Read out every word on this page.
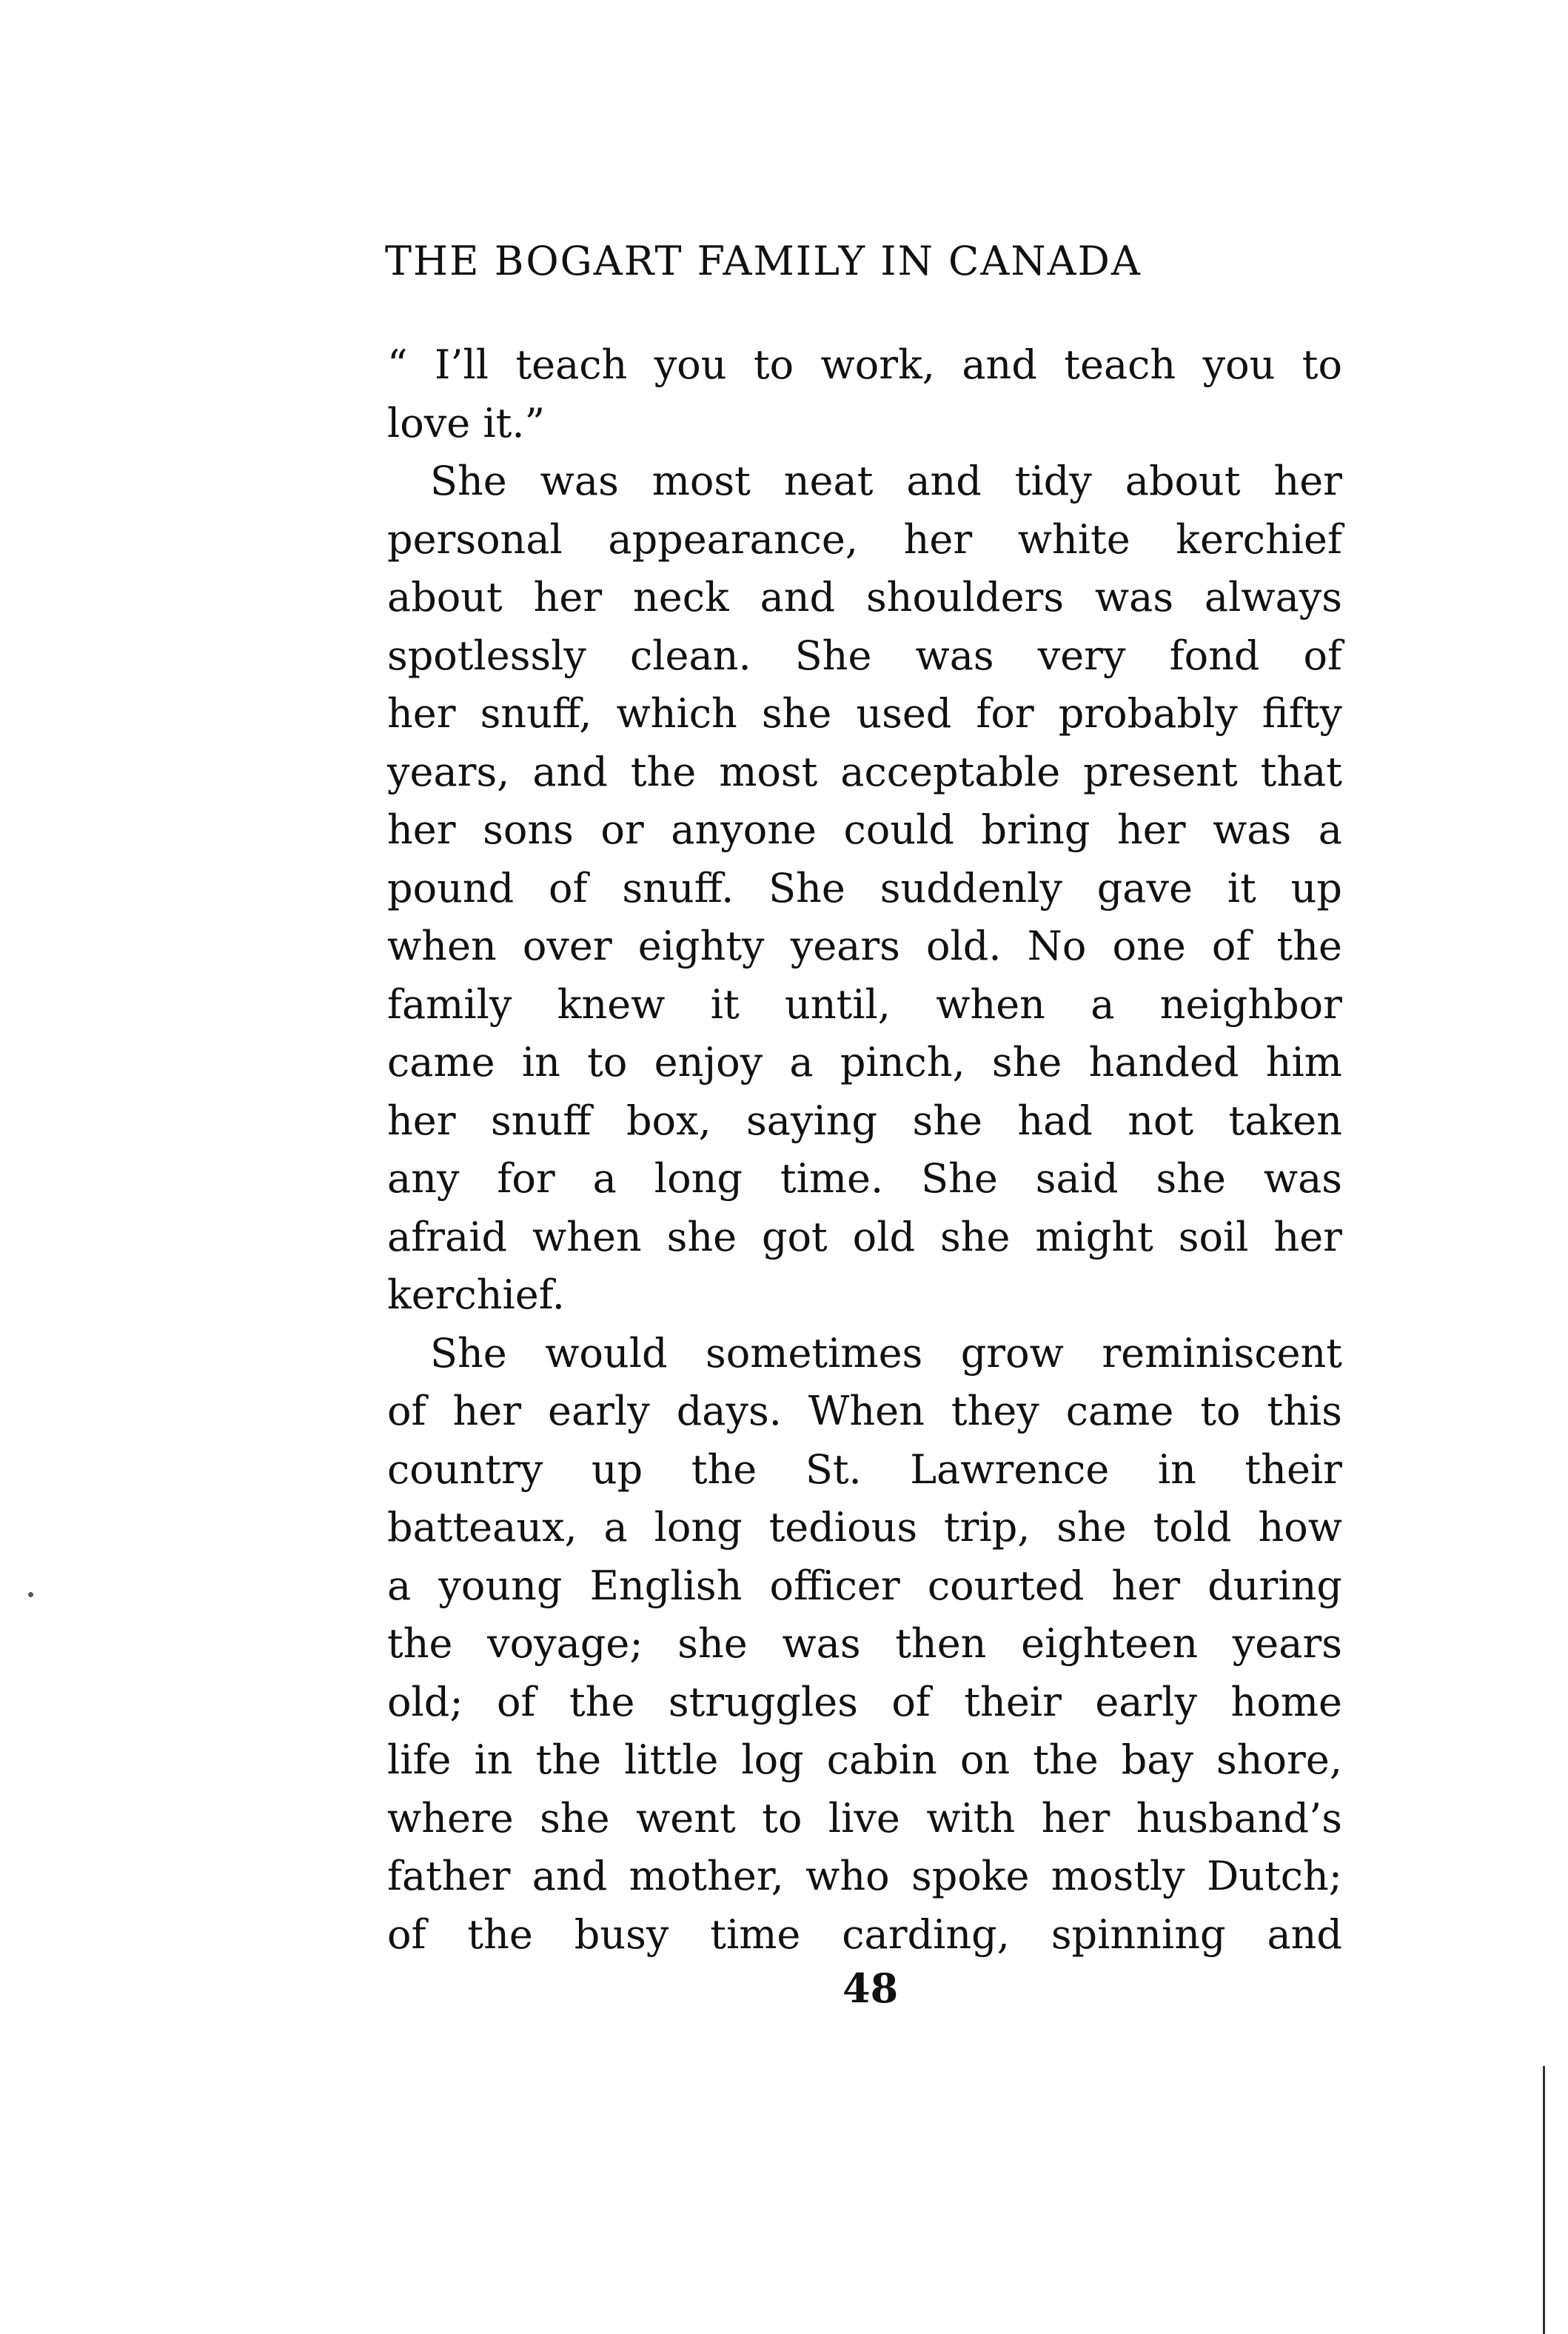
THE BOGART FAMILY IN CANADA
“ I’ll teach you to work, and teach you to
love it.”
She was most neat and tidy about her
personal appearance, her white kerchief
about her neck and shoulders was always
spotlessly clean. She was very fond of
her snuff, which she used for probably fifty
years, and the most acceptable present that
her sons or anyone could bring her was a
pound of snuff. She suddenly gave it up
when over eighty years old. No one of the
family knew it until, when a neighbor
came in to enjoy a pinch, she handed him
her snuff box, saying she had not taken
any for a long time. She said she was
afraid when she got old she might soil her
kerchief.
She would sometimes grow reminiscent
of her early days. When they came to this
country up the St. Lawrence in their
batteaux, a long tedious trip, she told how
a young English officer courted her during
the voyage; she was then eighteen years
old; of the struggles of their early home
life in the little log cabin on the bay shore,
where she went to live with her husband’s
father and mother, who spoke mostly Dutch;
of the busy time carding, spinning and
48
